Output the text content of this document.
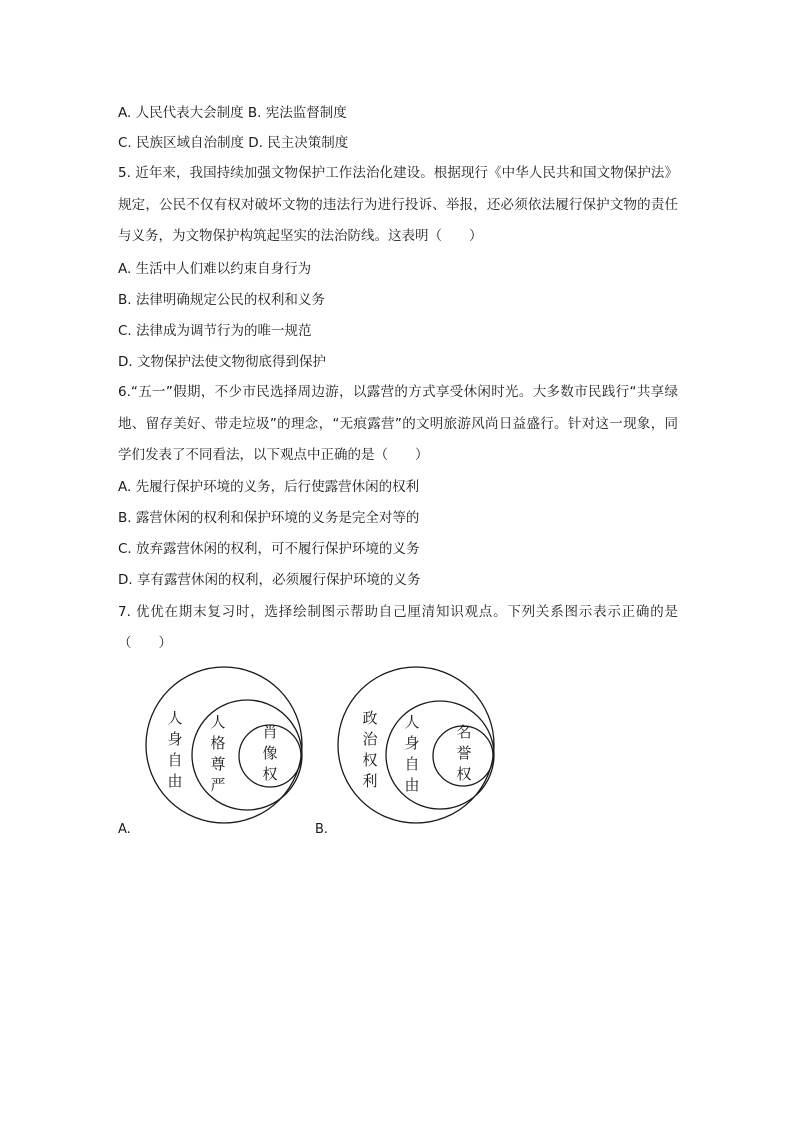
A. 人民代表大会制度 B. 宪法监督制度
C. 民族区域自治制度 D. 民主决策制度
5. 近年来，我国持续加强文物保护工作法治化建设。根据现行《中华人民共和国文物保护法》规定，公民不仅有权对破坏文物的违法行为进行投诉、举报，还必须依法履行保护文物的责任与义务，为文物保护构筑起坚实的法治防线。这表明（　　）
A. 生活中人们难以约束自身行为
B. 法律明确规定公民的权利和义务
C. 法律成为调节行为的唯一规范
D. 文物保护法使文物彻底得到保护
6.“五一”假期，不少市民选择周边游，以露营的方式享受休闲时光。大多数市民践行“共享绿地、留存美好、带走垃圾”的理念，“无痕露营”的文明旅游风尚日益盛行。针对这一现象，同学们发表了不同看法，以下观点中正确的是（　　）
A. 先履行保护环境的义务，后行使露营休闲的权利
B. 露营休闲的权利和保护环境的义务是完全对等的
C. 放弃露营休闲的权利，可不履行保护环境的义务
D. 享有露营休闲的权利，必须履行保护环境的义务
7. 优优在期末复习时，选择绘制图示帮助自己厘清知识观点。下列关系图示表示正确的是（　　）
人身自由
人格尊严
肖像权
A.
政治权利
人身自由
名誉权
B.
